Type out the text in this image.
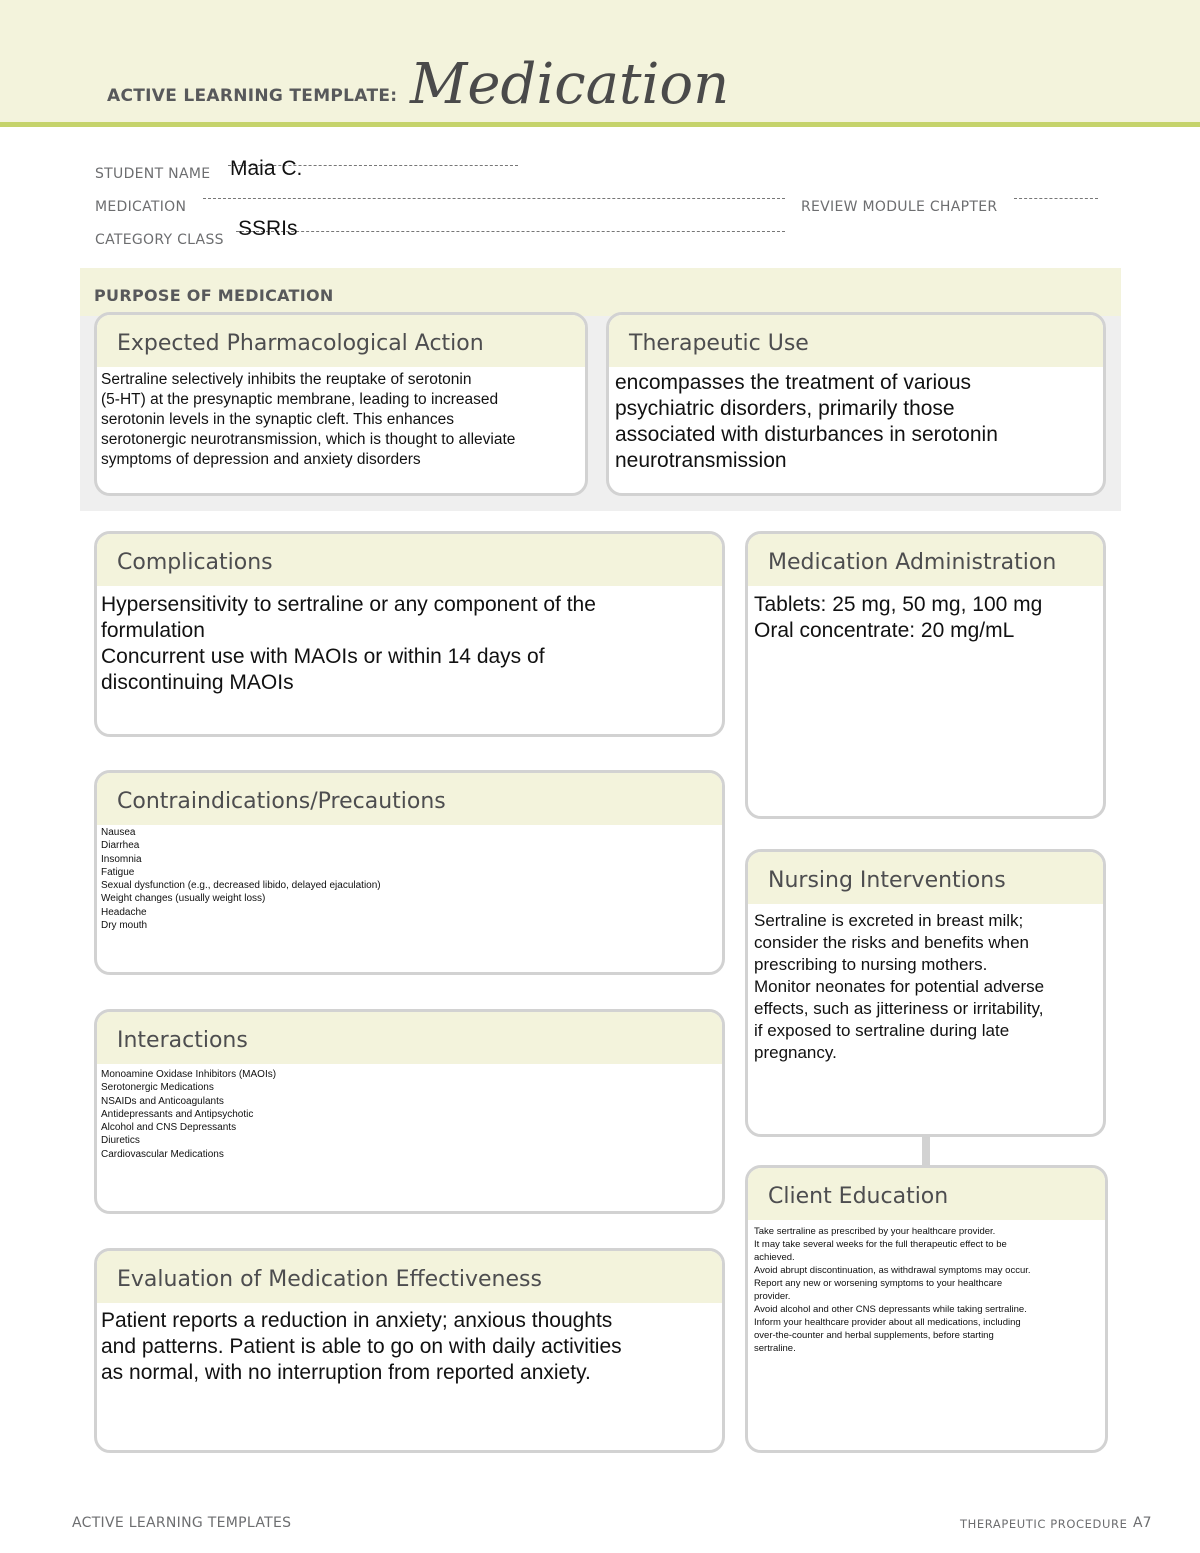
ACTIVE LEARNING TEMPLATE: Medication
STUDENT NAME Maia C.
MEDICATION	REVIEW MODULE CHAPTER
CATEGORY CLASS SSRIs
PURPOSE OF MEDICATION
Expected Pharmacological Action
Sertraline selectively inhibits the reuptake of serotonin
(5-HT) at the presynaptic membrane, leading to increased
serotonin levels in the synaptic cleft. This enhances
serotonergic neurotransmission, which is thought to alleviate
symptoms of depression and anxiety disorders
Therapeutic Use
encompasses the treatment of various
psychiatric disorders, primarily those
associated with disturbances in serotonin
neurotransmission
Complications
Hypersensitivity to sertraline or any component of the
formulation
Concurrent use with MAOIs or within 14 days of
discontinuing MAOIs
Medication Administration
Tablets: 25 mg, 50 mg, 100 mg
Oral concentrate: 20 mg/mL
Contraindications/Precautions
Nausea
Diarrhea
Insomnia
Fatigue
Sexual dysfunction (e.g., decreased libido, delayed ejaculation)
Weight changes (usually weight loss)
Headache
Dry mouth
Nursing Interventions
Sertraline is excreted in breast milk;
consider the risks and benefits when
prescribing to nursing mothers.
Monitor neonates for potential adverse
effects, such as jitteriness or irritability,
if exposed to sertraline during late
pregnancy.
Interactions
Monoamine Oxidase Inhibitors (MAOIs)
Serotonergic Medications
NSAIDs and Anticoagulants
Antidepressants and Antipsychotic
Alcohol and CNS Depressants
Diuretics
Cardiovascular Medications
Client Education
Take sertraline as prescribed by your healthcare provider.
It may take several weeks for the full therapeutic effect to be
achieved.
Avoid abrupt discontinuation, as withdrawal symptoms may occur.
Report any new or worsening symptoms to your healthcare
provider.
Avoid alcohol and other CNS depressants while taking sertraline.
Inform your healthcare provider about all medications, including
over-the-counter and herbal supplements, before starting
sertraline.
Evaluation of Medication Effectiveness
Patient reports a reduction in anxiety; anxious thoughts
and patterns. Patient is able to go on with daily activities
as normal, with no interruption from reported anxiety.
ACTIVE LEARNING TEMPLATES	THERAPEUTIC PROCEDURE A7
